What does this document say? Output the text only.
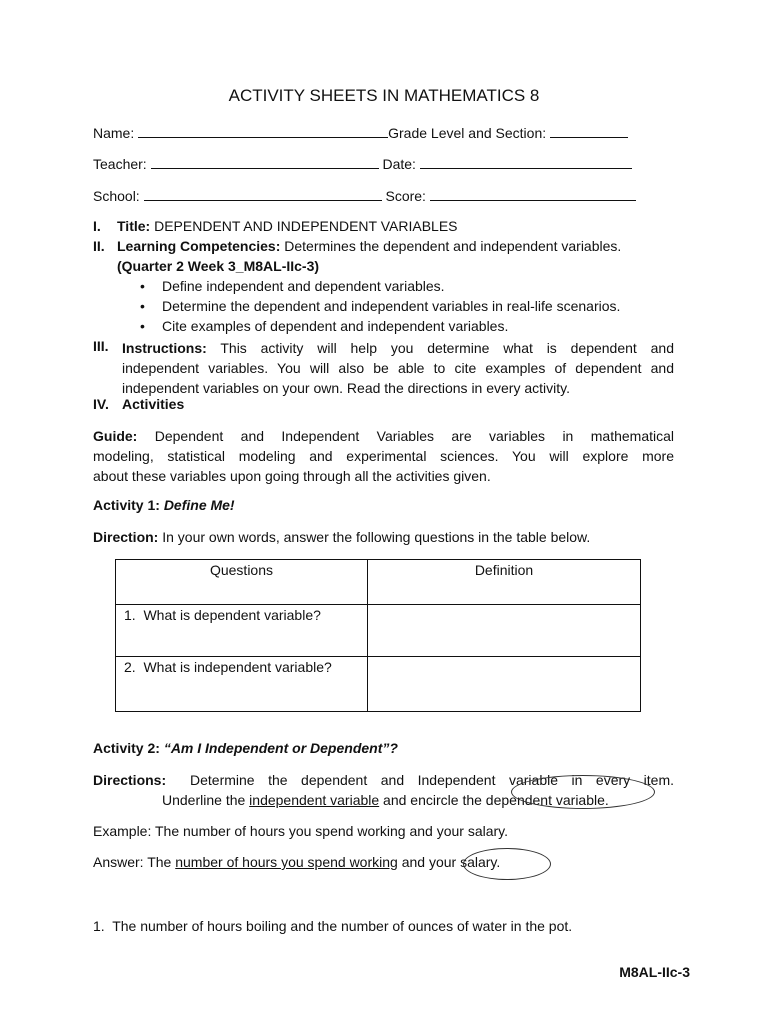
ACTIVITY SHEETS IN MATHEMATICS 8
Name:	Grade Level and Section:
Teacher:	Date:
School:	Score:
I.	Title: DEPENDENT AND INDEPENDENT VARIABLES
II. Learning Competencies: Determines the dependent and independent variables.
(Quarter 2 Week 3_M8AL-IIc-3)
• Define independent and dependent variables.
• Determine the dependent and independent variables in real-life scenarios.
• Cite examples of dependent and independent variables.
III. Instructions: This activity will help you determine what is dependent and
independent variables. You will also be able to cite examples of dependent and
independent variables on your own. Read the directions in every activity.
IV. Activities
Guide: Dependent and Independent Variables are variables in mathematical
modeling, statistical modeling and experimental sciences. You will explore more
about these variables upon going through all the activities given.
Activity 1: Define Me!
Direction: In your own words, answer the following questions in the table below.
Questions	Definition
1.  What is dependent variable?	
2.  What is independent variable?	
Activity 2: “Am I Independent or Dependent”?
Directions: Determine the dependent and Independent variable in every item.
Underline the independent variable and encircle the dependent variable.
Example: The number of hours you spend working and your salary.
Answer: The number of hours you spend working and your salary.
1.  The number of hours boiling and the number of ounces of water in the pot.
M8AL-IIc-3
